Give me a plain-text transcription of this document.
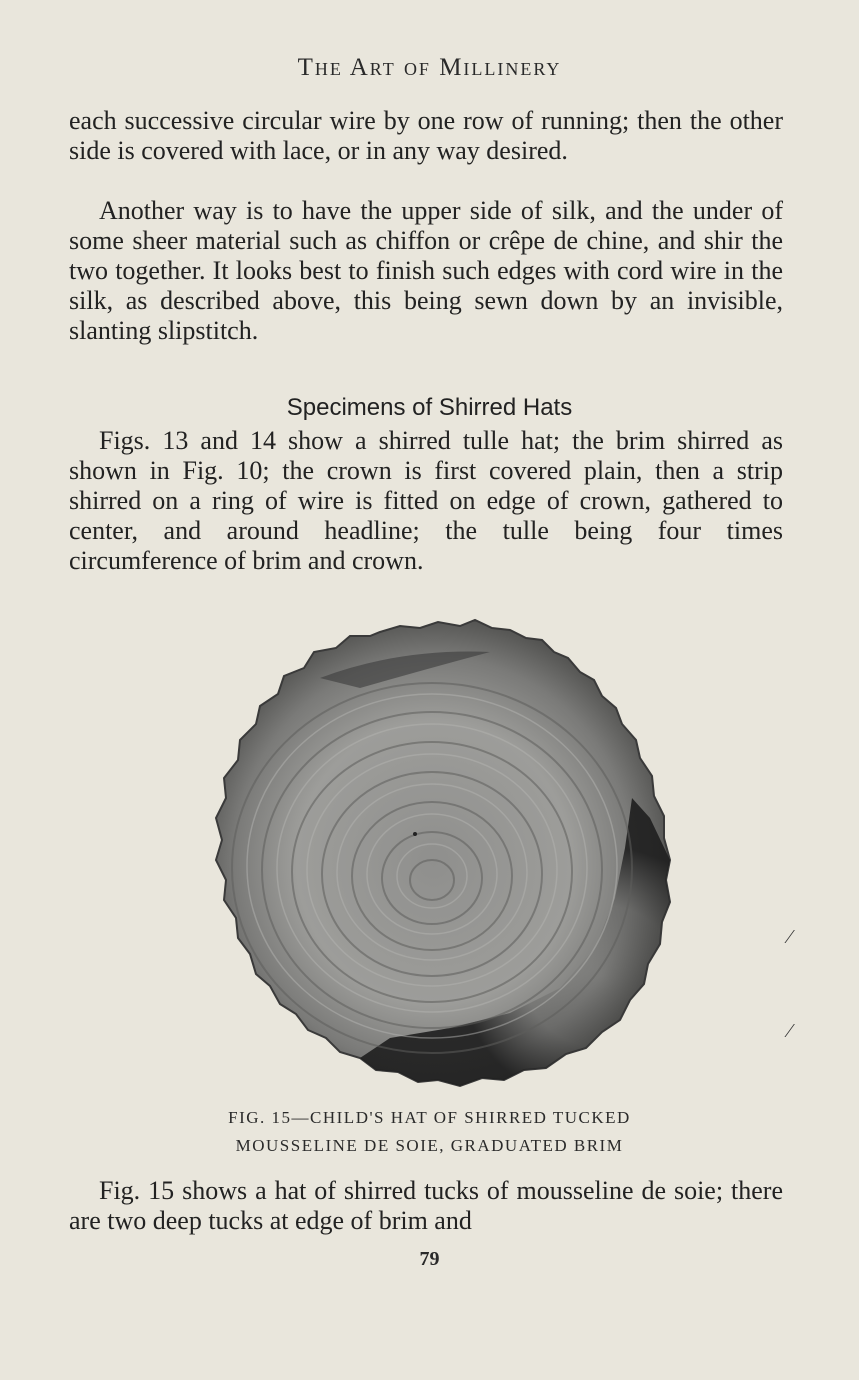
The Art of Millinery

each successive circular wire by one row of running; then the other side is covered with lace, or in any way desired.

Another way is to have the upper side of silk, and the under of some sheer material such as chiffon or crêpe de chine, and shir the two together. It looks best to finish such edges with cord wire in the silk, as described above, this being sewn down by an invisible, slanting slipstitch.

Specimens of Shirred Hats

Figs. 13 and 14 show a shirred tulle hat; the brim shirred as shown in Fig. 10; the crown is first covered plain, then a strip shirred on a ring of wire is fitted on edge of crown, gathered to center, and around headline; the tulle being four times circumference of brim and crown.

FIG. 15—CHILD'S HAT OF SHIRRED TUCKED
MOUSSELINE DE SOIE, GRADUATED BRIM

Fig. 15 shows a hat of shirred tucks of mousseline de soie; there are two deep tucks at edge of brim and

79
⁄
⁄
